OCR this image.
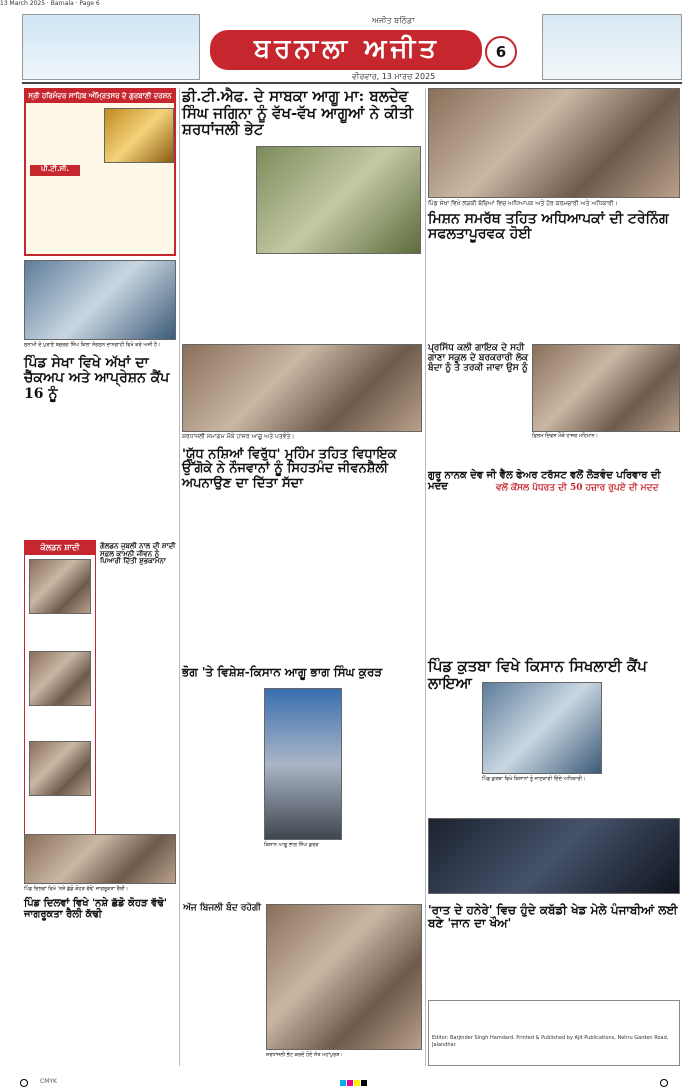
13 March 2025 · Barnala · Page 6
ਬਰਨਾਲਾ ਅਜੀਤ
ਅਜੀਤ ਬਠਿੰਡਾ
6
ਵੀਰਵਾਰ, 13 ਮਾਰਚ 2025
ਸ੍ਰੀ ਹਰਿਮੰਦਰ ਸਾਹਿਬ ਅੰਮ੍ਰਿਤਸਰ ਦੇ ਗੁਰਬਾਣੀ ਦਰਸ਼ਨ
ਪੀ.ਟੀ.ਸੀ.
ਡੀ.ਟੀ.ਐਫ. ਦੇ ਸਾਬਕਾ ਆਗੂ ਮਾ: ਬਲਦੇਵ ਸਿੰਘ ਜਗਿਨਾ ਨੂੰ ਵੱਖ-ਵੱਖ ਆਗੂਆਂ ਨੇ ਕੀਤੀ ਸ਼ਰਧਾਂਜਲੀ ਭੇਟ
ਪਿੰਡ ਸੇਖਾ ਵਿਖੇ ਲੜਕੀ ਬੱਚਿਆਂ ਵਿਚ ਅਧਿਆਪਕ ਅਤੇ ਹੋਰ ਕਰਮਚਾਰੀ ਅਤੇ ਅਧਿਕਾਰੀ।
ਮਿਸ਼ਨ ਸਮਰੱਥ ਤਹਿਤ ਅਧਿਆਪਕਾਂ ਦੀ ਟਰੇਨਿੰਗ ਸਫਲਤਾਪੂਰਵਕ ਹੋਈ
ਸੁਨਾਮੀ ਦੇ ਪੁਰਾਣੇ ਬਜ਼ੁਰਗ ਸਿੰਘ ਕਿਲਾ ਸੰਗਠਨ ਦਾਨਗਾਹੀ ਵਿਖੇ ਕਰੇ ਅਜੀ ਹੈ।
ਪਿੰਡ ਸੇਖਾ ਵਿਖੇ ਅੱਖਾਂ ਦਾ ਚੈੱਕਅਪ ਅਤੇ ਆਪ੍ਰੇਸ਼ਨ ਕੈਂਪ 16 ਨੂੰ
ਸ਼ਰਧਾਂਜਲੀ ਸਮਾਗਮ ਮੌਕੇ ਹਾਜ਼ਰ ਆਗੂ ਅਤੇ ਪਤਵੰਤੇ।
ਪ੍ਰਸਿੱਧ ਕਲੀ ਗਾਇਕ ਦੇ ਸਹੀ ਗਾਣਾ ਸਕੂਲ ਦੇ ਬਰਕਰਾਰੀ ਲੋਕ ਬੰਦਾ ਨੂੰ ਤੇ ਤਰਕੀ ਜਾਵਾ ਉਸ ਨੂੰ
ਫ਼ਿਲਮ ਦਿਵਸ ਮੌਕੇ ਹਾਜ਼ਰ ਮਹਿਮਾਨ।
'ਯੁੱਧ ਨਸ਼ਿਆਂ ਵਿਰੁੱਧ' ਮੁਹਿੰਮ ਤਹਿਤ ਵਿਧਾਇਕ ਉੱਗੋਕੇ ਨੇ ਨੌਜਵਾਨਾਂ ਨੂੰ ਸਿਹਤਮੰਦ ਜੀਵਨਸ਼ੈਲੀ ਅਪਨਾਉਣ ਦਾ ਦਿੱਤਾ ਸੱਦਾ
ਗੁਰੂ ਨਾਨਕ ਦੇਵ ਜੀ ਵੈੱਲ ਫੇਅਰ ਟਰੱਸਟ ਵਲੋਂ ਲੋੜਵੰਦ ਪਰਿਵਾਰ ਦੀ ਮਦਦ	ਵਲੋਂ ਕੋਂਸਲ ਪੱਧਰਤ ਦੀ 50 ਹਜ਼ਾਰ ਰੁਪਏ ਦੀ ਮਦਦ
ਕੋਲਡਨ ਸ਼ਾਦੀ	ਗੋਲਡਨ ਜੁਬਲੀ ਨਾਲ ਦੀ ਸ਼ਾਦੀ ਸਫ਼ਲ ਕਾਮਨੀ ਜੀਵਨ ਨੂੰ ਪਿਆਰੀ ਦਿੱਤੀ ਸ਼ੁਭਕਾਮਨਾ
ਪਿੰਡ ਕੁਤਬਾ ਵਿਖੇ ਕਿਸਾਨ ਸਿਖਲਾਈ ਕੈਂਪ ਲਾਇਆ
ਭੋਗ 'ਤੇ ਵਿਸ਼ੇਸ਼-ਕਿਸਾਨ ਆਗੂ ਭਾਗ ਸਿੰਘ ਕੁਰੜ
ਕਿਸਾਨ ਆਗੂ ਭਾਗ ਸਿੰਘ ਕੁਰੜ
ਪਿੰਡ ਕੁਤਬਾ ਵਿਖੇ ਕਿਸਾਨਾਂ ਨੂੰ ਜਾਣਕਾਰੀ ਦਿੰਦੇ ਅਧਿਕਾਰੀ।
ਪਿੰਡ ਦਿਲਵਾਂ ਵਿਖੇ 'ਨਸ਼ੇ ਛੱਡੋ ਕੋਹੜ ਵੱਢੋ' ਜਾਗਰੂਕਤਾ ਰੈਲੀ।
ਪਿੰਡ ਦਿਲਵਾਂ ਵਿਖੇ 'ਨਸ਼ੇ ਛੱਡੋ ਕੋਹੜ ਵੱਢੋ' ਜਾਗਰੂਕਤਾ ਰੈਲੀ ਕੱਢੀ
ਅੱਜ ਬਿਜਲੀ ਬੰਦ ਰਹੇਗੀ
ਸ਼ਰਧਾਂਜਲੀ ਭੇਟ ਕਰਦੇ ਹੋਏ ਸੰਤ ਮਹਾਂਪੁਰਸ਼।
'ਰਾਤ ਦੇ ਹਨੇਰੇ' ਵਿਚ ਹੁੰਦੇ ਕਬੱਡੀ ਖੇਡ ਮੇਲੇ ਪੰਜਾਬੀਆਂ ਲਈ ਬਣੇ 'ਜਾਨ ਦਾ ਖੌਅ'
Editor: Barjinder Singh Hamdard. Printed & Published by Ajit Publications, Nehru Garden Road, Jalandhar.
CMYK
